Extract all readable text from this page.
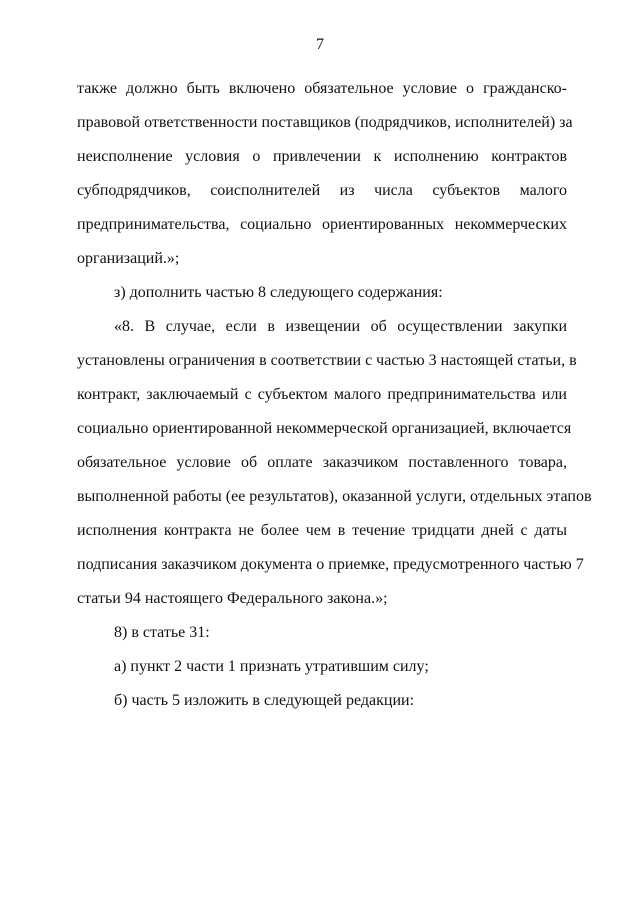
7
также должно быть включено обязательное условие о гражданско-
правовой ответственности поставщиков (подрядчиков, исполнителей) за
неисполнение условия о привлечении к исполнению контрактов
субподрядчиков, соисполнителей из числа субъектов малого
предпринимательства, социально ориентированных некоммерческих
организаций.»;
з) дополнить частью 8 следующего содержания:
«8. В случае, если в извещении об осуществлении закупки
установлены ограничения в соответствии с частью 3 настоящей статьи, в
контракт, заключаемый с субъектом малого предпринимательства или
социально ориентированной некоммерческой организацией, включается
обязательное условие об оплате заказчиком поставленного товара,
выполненной работы (ее результатов), оказанной услуги, отдельных этапов
исполнения контракта не более чем в течение тридцати дней с даты
подписания заказчиком документа о приемке, предусмотренного частью 7
статьи 94 настоящего Федерального закона.»;
8) в статье 31:
а) пункт 2 части 1 признать утратившим силу;
б) часть 5 изложить в следующей редакции:
